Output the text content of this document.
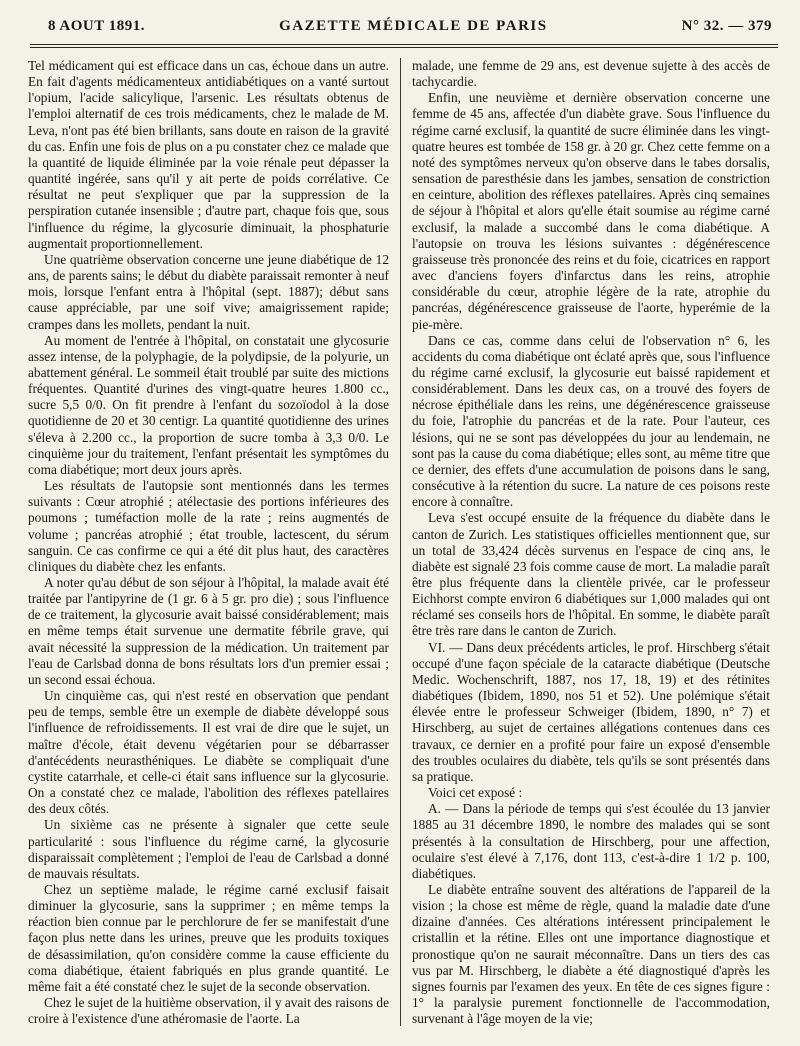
8 AOUT 1891.	GAZETTE MÉDICALE DE PARIS	N° 32. — 379

Tel médicament qui est efficace dans un cas, échoue dans un autre. En fait d'agents médicamenteux antidiabétiques on a vanté surtout l'opium, l'acide salicylique, l'arsenic. Les résultats obtenus de l'emploi alternatif de ces trois médicaments, chez le malade de M. Leva, n'ont pas été bien brillants, sans doute en raison de la gravité du cas. Enfin une fois de plus on a pu constater chez ce malade que la quantité de liquide éliminée par la voie rénale peut dépasser la quantité ingérée, sans qu'il y ait perte de poids corrélative. Ce résultat ne peut s'expliquer que par la suppression de la perspiration cutanée insensible ; d'autre part, chaque fois que, sous l'influence du régime, la glycosurie diminuait, la phosphaturie augmentait proportionnellement.

Une quatrième observation concerne une jeune diabétique de 12 ans, de parents sains; le début du diabète paraissait remonter à neuf mois, lorsque l'enfant entra à l'hôpital (sept. 1887); début sans cause appréciable, par une soif vive; amaigrissement rapide; crampes dans les mollets, pendant la nuit.

Au moment de l'entrée à l'hôpital, on constatait une glycosurie assez intense, de la polyphagie, de la polydipsie, de la polyurie, un abattement général. Le sommeil était troublé par suite des mictions fréquentes. Quantité d'urines des vingt-quatre heures 1.800 cc., sucre 5,5 0/0. On fit prendre à l'enfant du sozoïodol à la dose quotidienne de 20 et 30 centigr. La quantité quotidienne des urines s'éleva à 2.200 cc., la proportion de sucre tomba à 3,3 0/0. Le cinquième jour du traitement, l'enfant présentait les symptômes du coma diabétique; mort deux jours après.

Les résultats de l'autopsie sont mentionnés dans les termes suivants : Cœur atrophié ; atélectasie des portions inférieures des poumons ; tuméfaction molle de la rate ; reins augmentés de volume ; pancréas atrophié ; état trouble, lactescent, du sérum sanguin. Ce cas confirme ce qui a été dit plus haut, des caractères cliniques du diabète chez les enfants.

A noter qu'au début de son séjour à l'hôpital, la malade avait été traitée par l'antipyrine de (1 gr. 6 à 5 gr. pro die) ; sous l'influence de ce traitement, la glycosurie avait baissé considérablement; mais en même temps était survenue une dermatite fébrile grave, qui avait nécessité la suppression de la médication. Un traitement par l'eau de Carlsbad donna de bons résultats lors d'un premier essai ; un second essai échoua.

Un cinquième cas, qui n'est resté en observation que pendant peu de temps, semble être un exemple de diabète développé sous l'influence de refroidissements. Il est vrai de dire que le sujet, un maître d'école, était devenu végétarien pour se débarrasser d'antécédents neurasthéniques. Le diabète se compliquait d'une cystite catarrhale, et celle-ci était sans influence sur la glycosurie. On a constaté chez ce malade, l'abolition des réflexes patellaires des deux côtés.

Un sixième cas ne présente à signaler que cette seule particularité : sous l'influence du régime carné, la glycosurie disparaissait complètement ; l'emploi de l'eau de Carlsbad a donné de mauvais résultats.

Chez un septième malade, le régime carné exclusif faisait diminuer la glycosurie, sans la supprimer ; en même temps la réaction bien connue par le perchlorure de fer se manifestait d'une façon plus nette dans les urines, preuve que les produits toxiques de désassimilation, qu'on considère comme la cause efficiente du coma diabétique, étaient fabriqués en plus grande quantité. Le même fait a été constaté chez le sujet de la seconde observation.

Chez le sujet de la huitième observation, il y avait des raisons de croire à l'existence d'une athéromasie de l'aorte. La

malade, une femme de 29 ans, est devenue sujette à des accès de tachycardie.

Enfin, une neuvième et dernière observation concerne une femme de 45 ans, affectée d'un diabète grave. Sous l'influence du régime carné exclusif, la quantité de sucre éliminée dans les vingt-quatre heures est tombée de 158 gr. à 20 gr. Chez cette femme on a noté des symptômes nerveux qu'on observe dans le tabes dorsalis, sensation de paresthésie dans les jambes, sensation de constriction en ceinture, abolition des réflexes patellaires. Après cinq semaines de séjour à l'hôpital et alors qu'elle était soumise au régime carné exclusif, la malade a succombé dans le coma diabétique. A l'autopsie on trouva les lésions suivantes : dégénérescence graisseuse très prononcée des reins et du foie, cicatrices en rapport avec d'anciens foyers d'infarctus dans les reins, atrophie considérable du cœur, atrophie légère de la rate, atrophie du pancréas, dégénérescence graisseuse de l'aorte, hyperémie de la pie-mère.

Dans ce cas, comme dans celui de l'observation n° 6, les accidents du coma diabétique ont éclaté après que, sous l'influence du régime carné exclusif, la glycosurie eut baissé rapidement et considérablement. Dans les deux cas, on a trouvé des foyers de nécrose épithéliale dans les reins, une dégénérescence graisseuse du foie, l'atrophie du pancréas et de la rate. Pour l'auteur, ces lésions, qui ne se sont pas développées du jour au lendemain, ne sont pas la cause du coma diabétique; elles sont, au même titre que ce dernier, des effets d'une accumulation de poisons dans le sang, consécutive à la rétention du sucre. La nature de ces poisons reste encore à connaître.

Leva s'est occupé ensuite de la fréquence du diabète dans le canton de Zurich. Les statistiques officielles mentionnent que, sur un total de 33,424 décès survenus en l'espace de cinq ans, le diabète est signalé 23 fois comme cause de mort. La maladie paraît être plus fréquente dans la clientèle privée, car le professeur Eichhorst compte environ 6 diabétiques sur 1,000 malades qui ont réclamé ses conseils hors de l'hôpital. En somme, le diabète paraît être très rare dans le canton de Zurich.

VI. — Dans deux précédents articles, le prof. Hirschberg s'était occupé d'une façon spéciale de la cataracte diabétique (Deutsche Medic. Wochenschrift, 1887, nos 17, 18, 19) et des rétinites diabétiques (Ibidem, 1890, nos 51 et 52). Une polémique s'était élevée entre le professeur Schweiger (Ibidem, 1890, n° 7) et Hirschberg, au sujet de certaines allégations contenues dans ces travaux, ce dernier en a profité pour faire un exposé d'ensemble des troubles oculaires du diabète, tels qu'ils se sont présentés dans sa pratique.

Voici cet exposé :

A. — Dans la période de temps qui s'est écoulée du 13 janvier 1885 au 31 décembre 1890, le nombre des malades qui se sont présentés à la consultation de Hirschberg, pour une affection, oculaire s'est élevé à 7,176, dont 113, c'est-à-dire 1 1/2 p. 100, diabétiques.

Le diabète entraîne souvent des altérations de l'appareil de la vision ; la chose est même de règle, quand la maladie date d'une dizaine d'années. Ces altérations intéressent principalement le cristallin et la rétine. Elles ont une importance diagnostique et pronostique qu'on ne saurait méconnaître. Dans un tiers des cas vus par M. Hirschberg, le diabète a été diagnostiqué d'après les signes fournis par l'examen des yeux. En tête de ces signes figure : 1° la paralysie purement fonctionnelle de l'accommodation, survenant à l'âge moyen de la vie;
